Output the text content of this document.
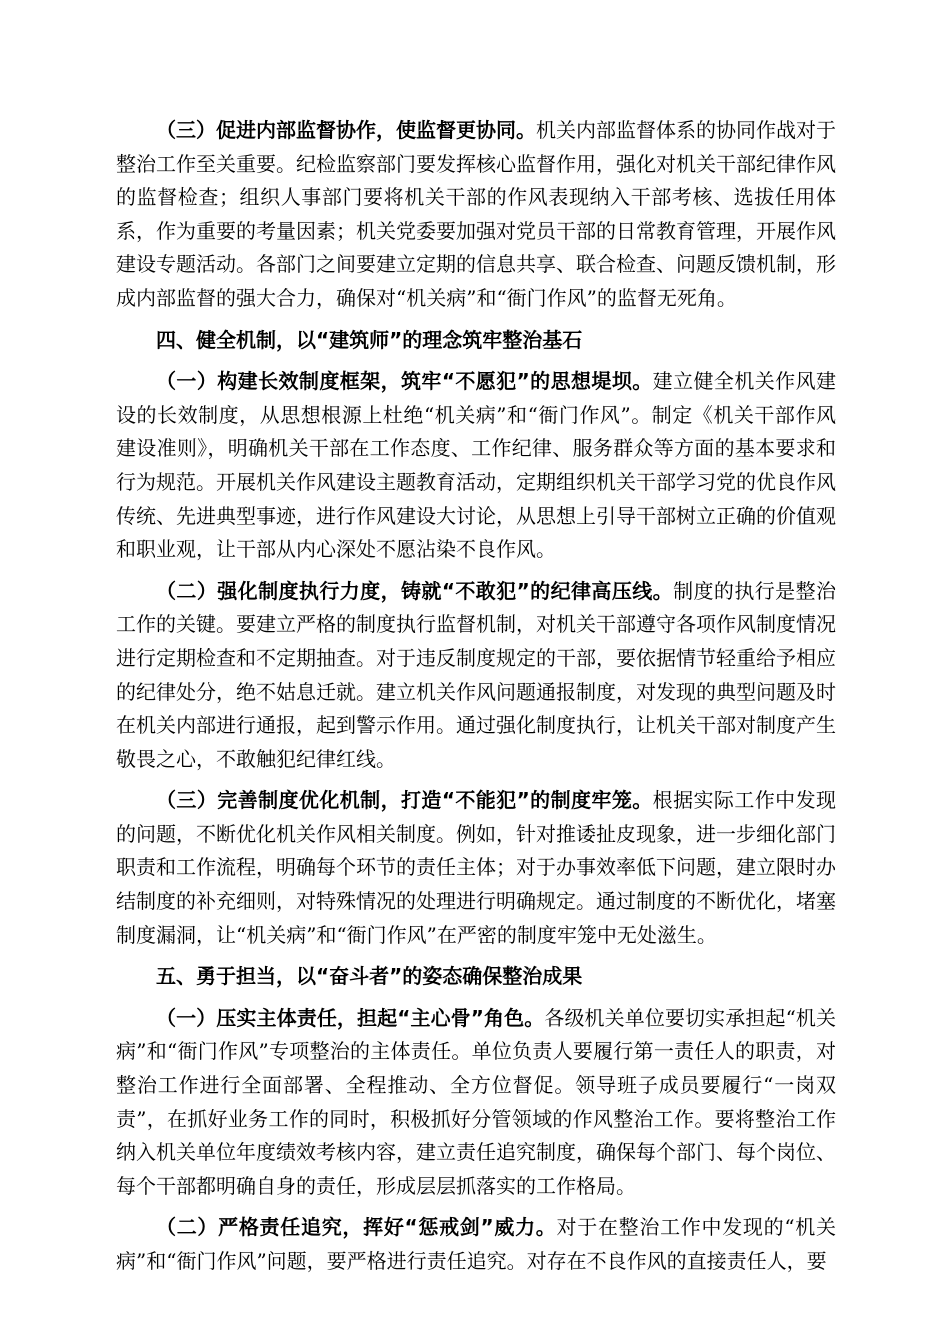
（三）促进内部监督协作，使监督更协同。机关内部监督体系的协同作战对于整治工作至关重要。纪检监察部门要发挥核心监督作用，强化对机关干部纪律作风的监督检查；组织人事部门要将机关干部的作风表现纳入干部考核、选拔任用体系，作为重要的考量因素；机关党委要加强对党员干部的日常教育管理，开展作风建设专题活动。各部门之间要建立定期的信息共享、联合检查、问题反馈机制，形成内部监督的强大合力，确保对“机关病”和“衙门作风”的监督无死角。

四、健全机制，以“建筑师”的理念筑牢整治基石

（一）构建长效制度框架，筑牢“不愿犯”的思想堤坝。建立健全机关作风建设的长效制度，从思想根源上杜绝“机关病”和“衙门作风”。制定《机关干部作风建设准则》，明确机关干部在工作态度、工作纪律、服务群众等方面的基本要求和行为规范。开展机关作风建设主题教育活动，定期组织机关干部学习党的优良作风传统、先进典型事迹，进行作风建设大讨论，从思想上引导干部树立正确的价值观和职业观，让干部从内心深处不愿沾染不良作风。

（二）强化制度执行力度，铸就“不敢犯”的纪律高压线。制度的执行是整治工作的关键。要建立严格的制度执行监督机制，对机关干部遵守各项作风制度情况进行定期检查和不定期抽查。对于违反制度规定的干部，要依据情节轻重给予相应的纪律处分，绝不姑息迁就。建立机关作风问题通报制度，对发现的典型问题及时在机关内部进行通报，起到警示作用。通过强化制度执行，让机关干部对制度产生敬畏之心，不敢触犯纪律红线。

（三）完善制度优化机制，打造“不能犯”的制度牢笼。根据实际工作中发现的问题，不断优化机关作风相关制度。例如，针对推诿扯皮现象，进一步细化部门职责和工作流程，明确每个环节的责任主体；对于办事效率低下问题，建立限时办结制度的补充细则，对特殊情况的处理进行明确规定。通过制度的不断优化，堵塞制度漏洞，让“机关病”和“衙门作风”在严密的制度牢笼中无处滋生。

五、勇于担当，以“奋斗者”的姿态确保整治成果

（一）压实主体责任，担起“主心骨”角色。各级机关单位要切实承担起“机关病”和“衙门作风”专项整治的主体责任。单位负责人要履行第一责任人的职责，对整治工作进行全面部署、全程推动、全方位督促。领导班子成员要履行“一岗双责”，在抓好业务工作的同时，积极抓好分管领域的作风整治工作。要将整治工作纳入机关单位年度绩效考核内容，建立责任追究制度，确保每个部门、每个岗位、每个干部都明确自身的责任，形成层层抓落实的工作格局。

（二）严格责任追究，挥好“惩戒剑”威力。对于在整治工作中发现的“机关病”和“衙门作风”问题，要严格进行责任追究。对存在不良作风的直接责任人，要
